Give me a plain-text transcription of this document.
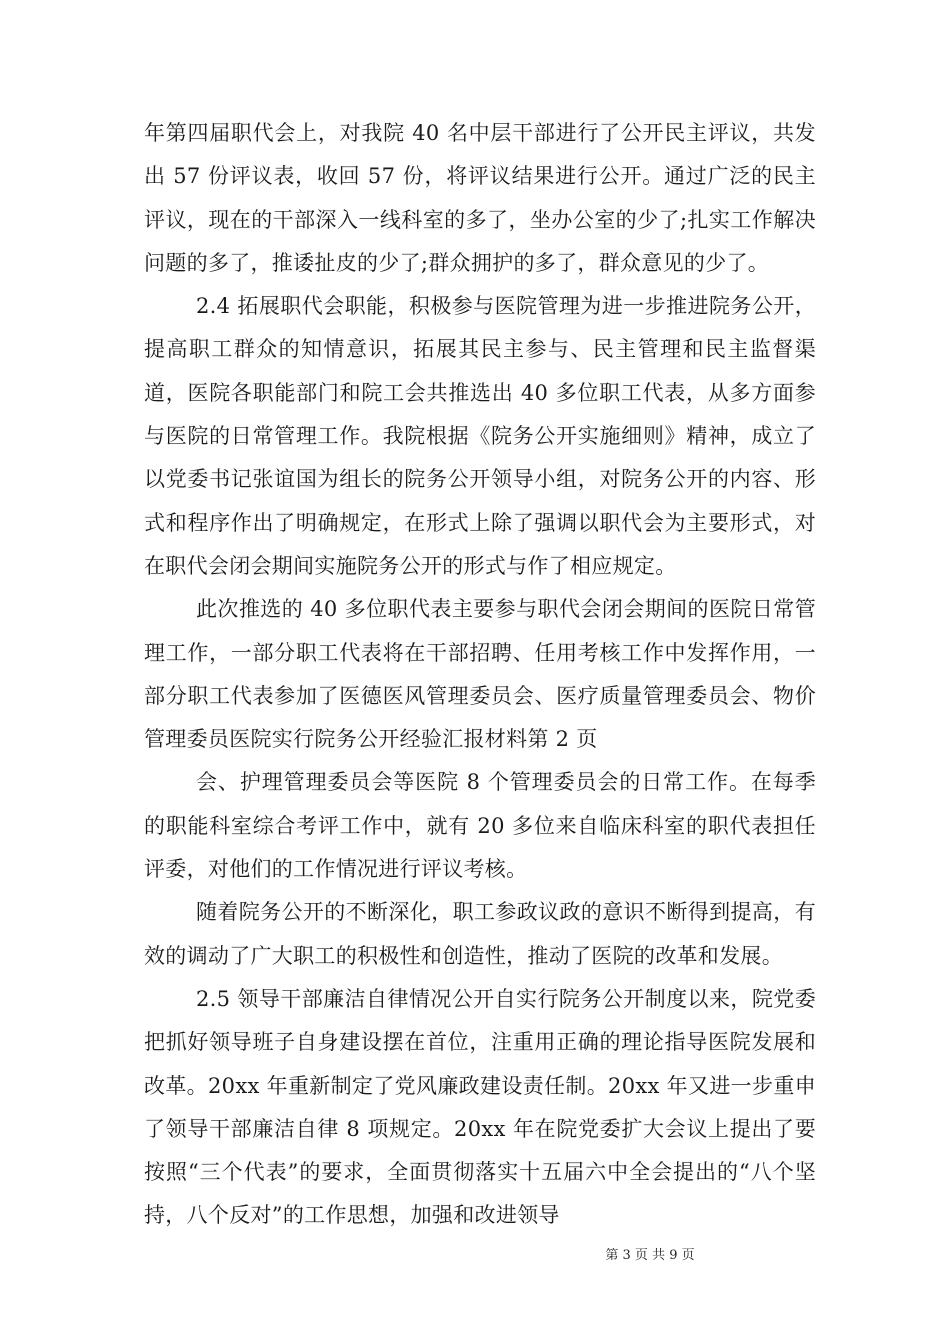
年第四届职代会上，对我院 40 名中层干部进行了公开民主评议，共发出 57 份评议表，收回 57 份，将评议结果进行公开。通过广泛的民主评议，现在的干部深入一线科室的多了，坐办公室的少了;扎实工作解决问题的多了，推诿扯皮的少了;群众拥护的多了，群众意见的少了。

2.4 拓展职代会职能，积极参与医院管理为进一步推进院务公开，提高职工群众的知情意识，拓展其民主参与、民主管理和民主监督渠道，医院各职能部门和院工会共推选出 40 多位职工代表，从多方面参与医院的日常管理工作。我院根据《院务公开实施细则》精神，成立了以党委书记张谊国为组长的院务公开领导小组，对院务公开的内容、形式和程序作出了明确规定，在形式上除了强调以职代会为主要形式，对在职代会闭会期间实施院务公开的形式与作了相应规定。

此次推选的 40 多位职代表主要参与职代会闭会期间的医院日常管理工作，一部分职工代表将在干部招聘、任用考核工作中发挥作用，一部分职工代表参加了医德医风管理委员会、医疗质量管理委员会、物价管理委员医院实行院务公开经验汇报材料第 2 页

会、护理管理委员会等医院 8 个管理委员会的日常工作。在每季的职能科室综合考评工作中，就有 20 多位来自临床科室的职代表担任评委，对他们的工作情况进行评议考核。

随着院务公开的不断深化，职工参政议政的意识不断得到提高，有效的调动了广大职工的积极性和创造性，推动了医院的改革和发展。

2.5 领导干部廉洁自律情况公开自实行院务公开制度以来，院党委把抓好领导班子自身建设摆在首位，注重用正确的理论指导医院发展和改革。20xx 年重新制定了党风廉政建设责任制。20xx 年又进一步重申了领导干部廉洁自律 8 项规定。20xx 年在院党委扩大会议上提出了要按照“三个代表”的要求，全面贯彻落实十五届六中全会提出的“八个坚持，八个反对”的工作思想，加强和改进领导

第 3 页 共 9 页
